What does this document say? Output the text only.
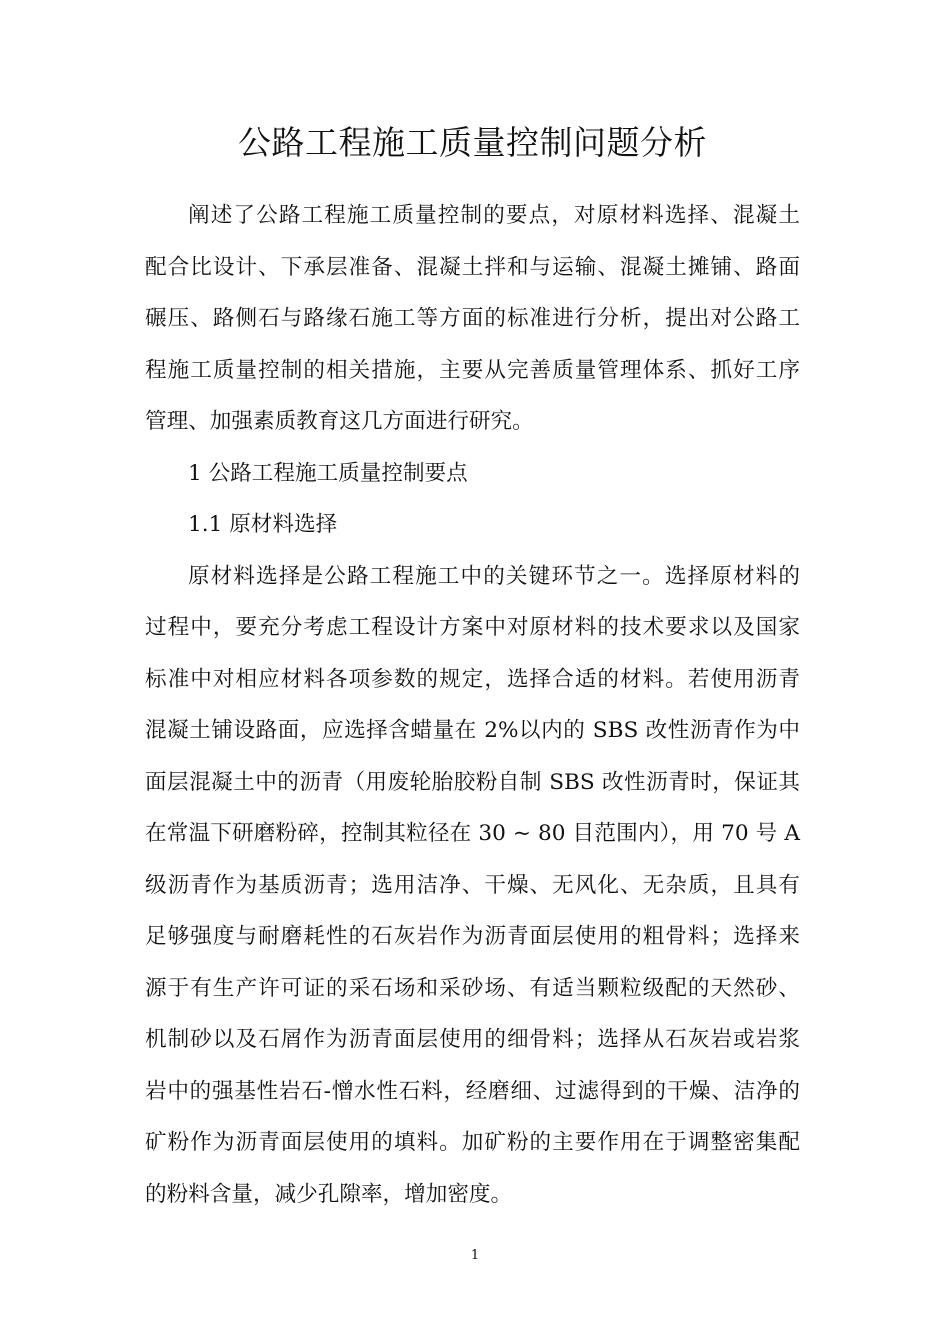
公路工程施工质量控制问题分析
阐述了公路工程施工质量控制的要点，对原材料选择、混凝土
配合比设计、下承层准备、混凝土拌和与运输、混凝土摊铺、路面
碾压、路侧石与路缘石施工等方面的标准进行分析，提出对公路工
程施工质量控制的相关措施，主要从完善质量管理体系、抓好工序
管理、加强素质教育这几方面进行研究。
1 公路工程施工质量控制要点
1.1 原材料选择
原材料选择是公路工程施工中的关键环节之一。选择原材料的
过程中，要充分考虑工程设计方案中对原材料的技术要求以及国家
标准中对相应材料各项参数的规定，选择合适的材料。若使用沥青
混凝土铺设路面，应选择含蜡量在 2%以内的 SBS 改性沥青作为中
面层混凝土中的沥青（用废轮胎胶粉自制 SBS 改性沥青时，保证其
在常温下研磨粉碎，控制其粒径在 30 ~ 80 目范围内），用 70 号 A
级沥青作为基质沥青；选用洁净、干燥、无风化、无杂质，且具有
足够强度与耐磨耗性的石灰岩作为沥青面层使用的粗骨料；选择来
源于有生产许可证的采石场和采砂场、有适当颗粒级配的天然砂、
机制砂以及石屑作为沥青面层使用的细骨料；选择从石灰岩或岩浆
岩中的强基性岩石-憎水性石料，经磨细、过滤得到的干燥、洁净的
矿粉作为沥青面层使用的填料。加矿粉的主要作用在于调整密集配
的粉料含量，减少孔隙率，增加密度。
1
